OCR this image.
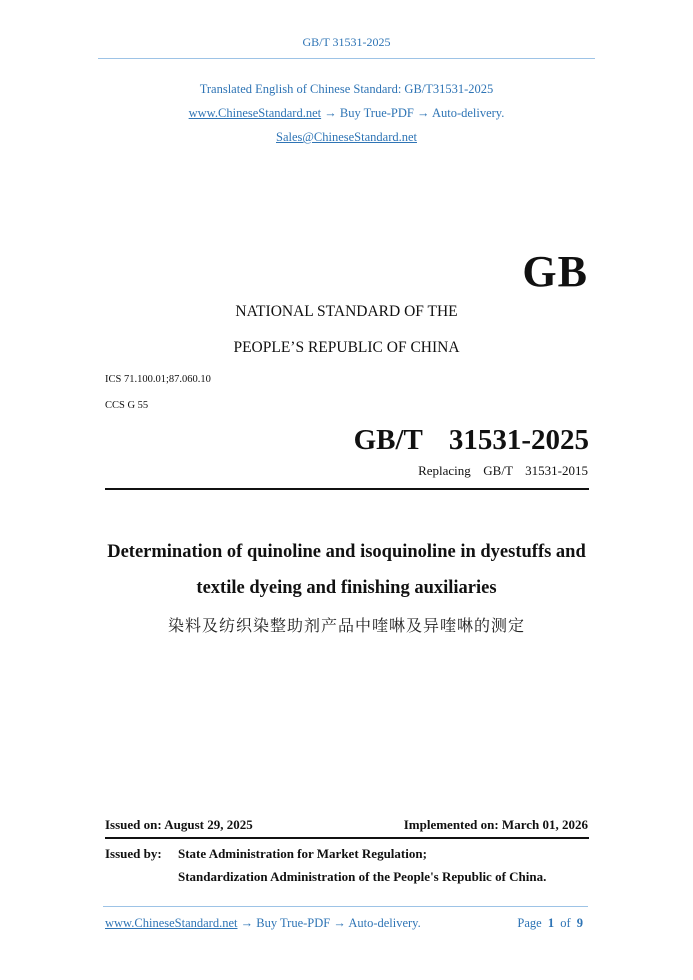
GB/T 31531-2025
Translated English of Chinese Standard: GB/T31531-2025
www.ChineseStandard.net → Buy True-PDF → Auto-delivery.
Sales@ChineseStandard.net
GB
NATIONAL STANDARD OF THE
PEOPLE’S REPUBLIC OF CHINA
ICS 71.100.01;87.060.10
CCS G 55
GB/T  31531-2025
Replacing  GB/T  31531-2015
Determination of quinoline and isoquinoline in dyestuffs and
textile dyeing and finishing auxiliaries
染料及纺织染整助剂产品中喹啉及异喹啉的测定
Issued on: August 29, 2025	Implemented on: March 01, 2026
Issued by: State Administration for Market Regulation;
Standardization Administration of the People's Republic of China.
www.ChineseStandard.net → Buy True-PDF → Auto-delivery.	Page 1 of 9
